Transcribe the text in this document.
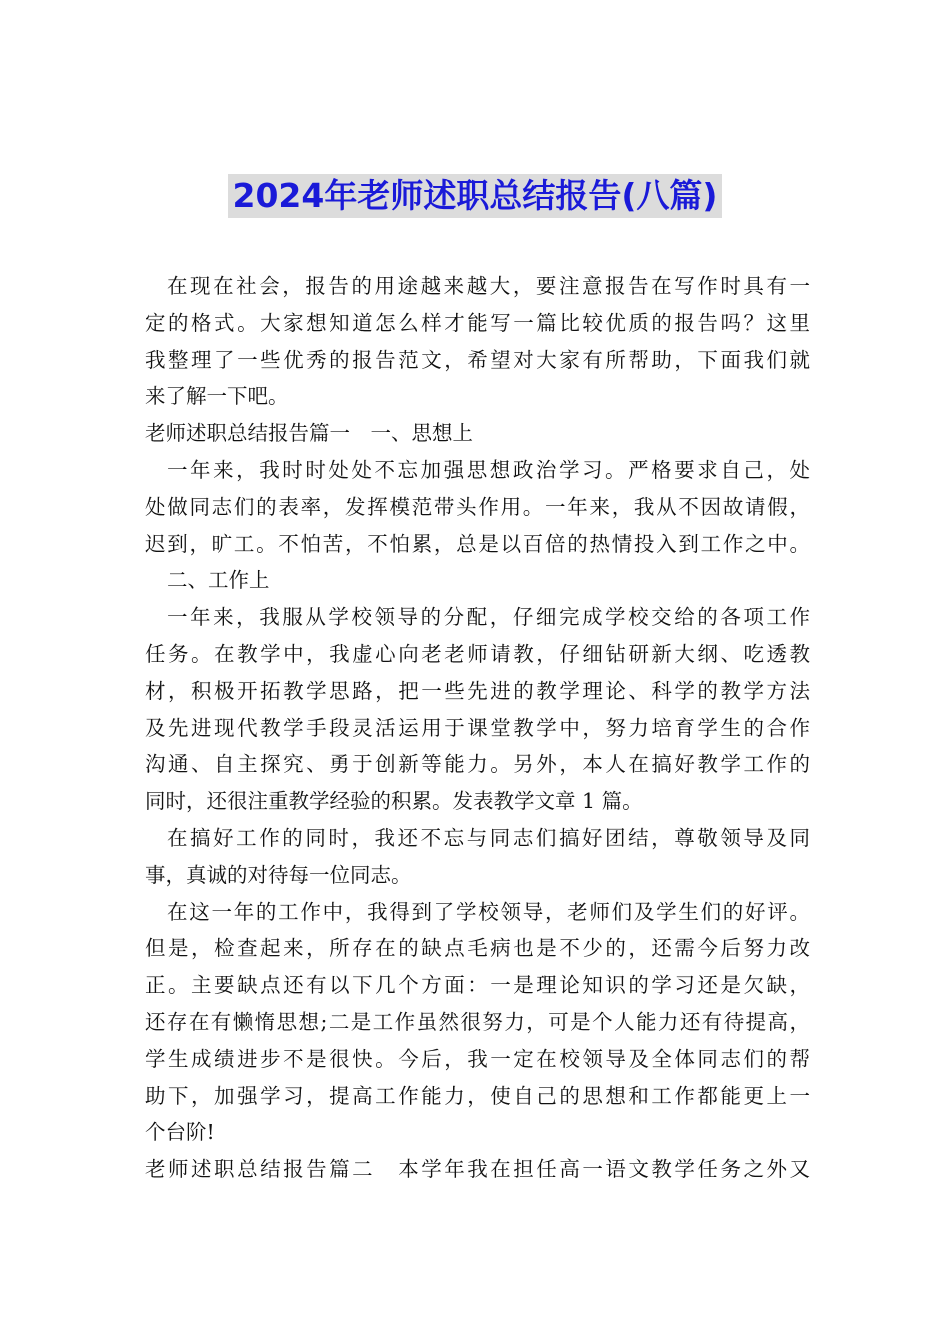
2024年老师述职总结报告(八篇)
在现在社会，报告的用途越来越大，要注意报告在写作时具有一
定的格式。大家想知道怎么样才能写一篇比较优质的报告吗？这里
我整理了一些优秀的报告范文，希望对大家有所帮助，下面我们就
来了解一下吧。
老师述职总结报告篇一　一、思想上
一年来，我时时处处不忘加强思想政治学习。严格要求自己，处
处做同志们的表率，发挥模范带头作用。一年来，我从不因故请假，
迟到，旷工。不怕苦，不怕累，总是以百倍的热情投入到工作之中。
二、工作上
一年来，我服从学校领导的分配，仔细完成学校交给的各项工作
任务。在教学中，我虚心向老老师请教，仔细钻研新大纲、吃透教
材，积极开拓教学思路，把一些先进的教学理论、科学的教学方法
及先进现代教学手段灵活运用于课堂教学中，努力培育学生的合作
沟通、自主探究、勇于创新等能力。另外，本人在搞好教学工作的
同时，还很注重教学经验的积累。发表教学文章 1 篇。
在搞好工作的同时，我还不忘与同志们搞好团结，尊敬领导及同
事，真诚的对待每一位同志。
在这一年的工作中，我得到了学校领导，老师们及学生们的好评。
但是，检查起来，所存在的缺点毛病也是不少的，还需今后努力改
正。主要缺点还有以下几个方面：一是理论知识的学习还是欠缺，
还存在有懒惰思想;二是工作虽然很努力，可是个人能力还有待提高，
学生成绩进步不是很快。今后，我一定在校领导及全体同志们的帮
助下，加强学习，提高工作能力，使自己的思想和工作都能更上一
个台阶!
老师述职总结报告篇二　本学年我在担任高一语文教学任务之外又
